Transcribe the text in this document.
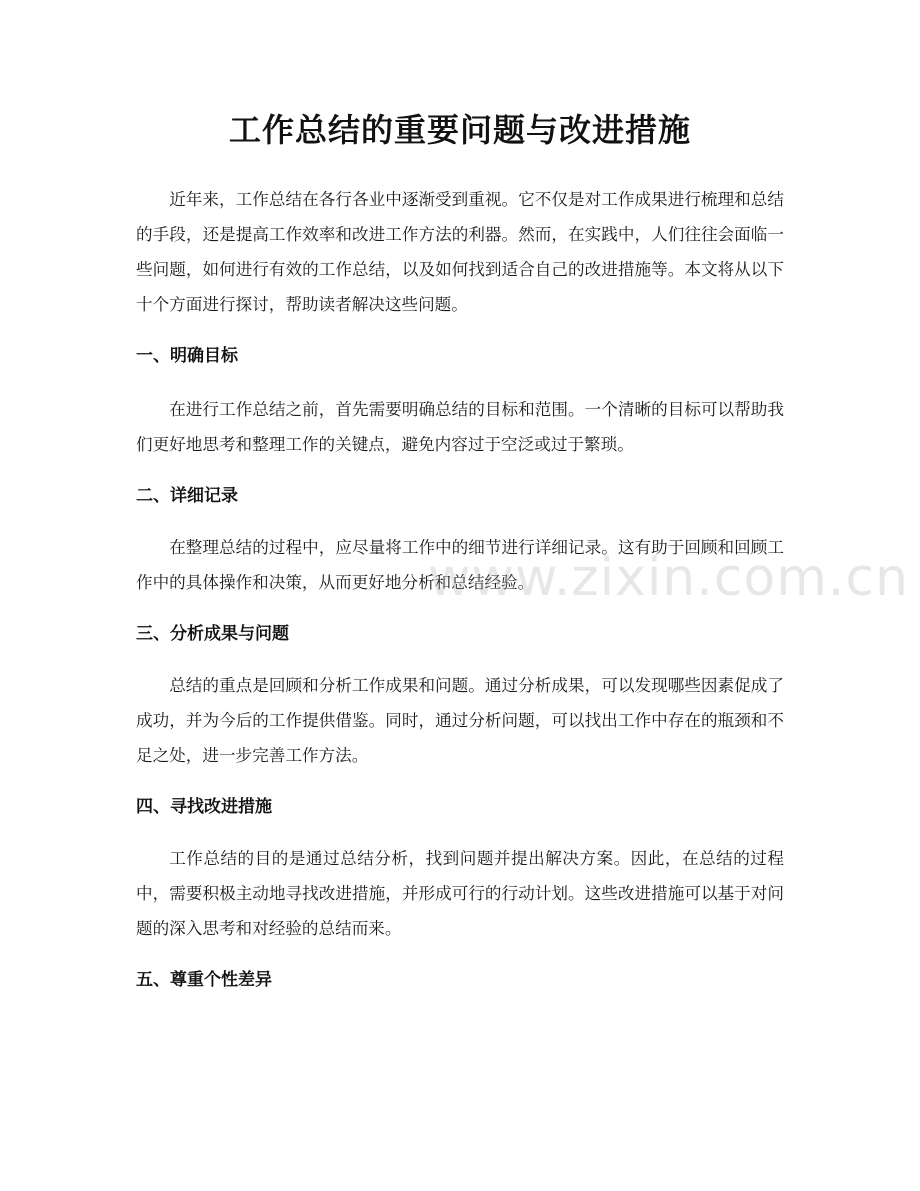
工作总结的重要问题与改进措施

近年来，工作总结在各行各业中逐渐受到重视。它不仅是对工作成果进行梳理和总结的手段，还是提高工作效率和改进工作方法的利器。然而，在实践中，人们往往会面临一些问题，如何进行有效的工作总结，以及如何找到适合自己的改进措施等。本文将从以下十个方面进行探讨，帮助读者解决这些问题。

一、明确目标

在进行工作总结之前，首先需要明确总结的目标和范围。一个清晰的目标可以帮助我们更好地思考和整理工作的关键点，避免内容过于空泛或过于繁琐。

二、详细记录

在整理总结的过程中，应尽量将工作中的细节进行详细记录。这有助于回顾和回顾工作中的具体操作和决策，从而更好地分析和总结经验。

三、分析成果与问题

总结的重点是回顾和分析工作成果和问题。通过分析成果，可以发现哪些因素促成了成功，并为今后的工作提供借鉴。同时，通过分析问题，可以找出工作中存在的瓶颈和不足之处，进一步完善工作方法。

四、寻找改进措施

工作总结的目的是通过总结分析，找到问题并提出解决方案。因此，在总结的过程中，需要积极主动地寻找改进措施，并形成可行的行动计划。这些改进措施可以基于对问题的深入思考和对经验的总结而来。

五、尊重个性差异
www.zixin.com.cn
